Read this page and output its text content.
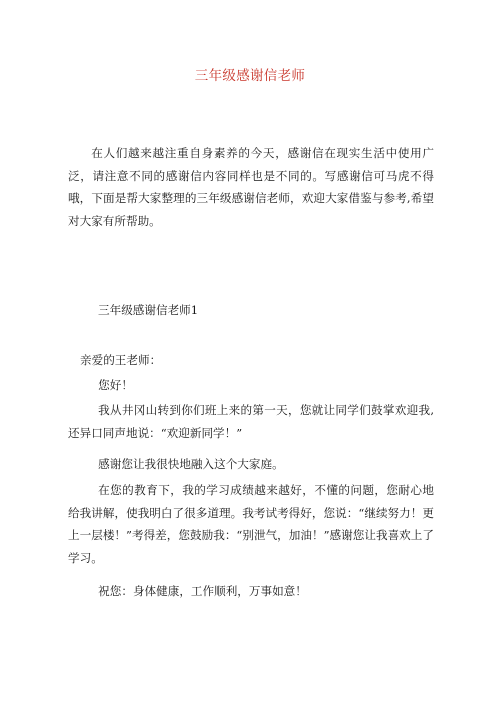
三年级感谢信老师
在人们越来越注重自身素养的今天，感谢信在现实生活中使用广泛，请注意不同的感谢信内容同样也是不同的。写感谢信可马虎不得哦，下面是帮大家整理的三年级感谢信老师，欢迎大家借鉴与参考,希望对大家有所帮助。
三年级感谢信老师1
亲爱的王老师：
您好！
我从井冈山转到你们班上来的第一天，您就让同学们鼓掌欢迎我, 还异口同声地说：“欢迎新同学！”
感谢您让我很快地融入这个大家庭。
在您的教育下，我的学习成绩越来越好，不懂的问题，您耐心地给我讲解，使我明白了很多道理。我考试考得好，您说：“继续努力！更上一层楼！”考得差，您鼓励我：“别泄气，加油！”感谢您让我喜欢上了学习。
祝您：身体健康，工作顺利，万事如意！
